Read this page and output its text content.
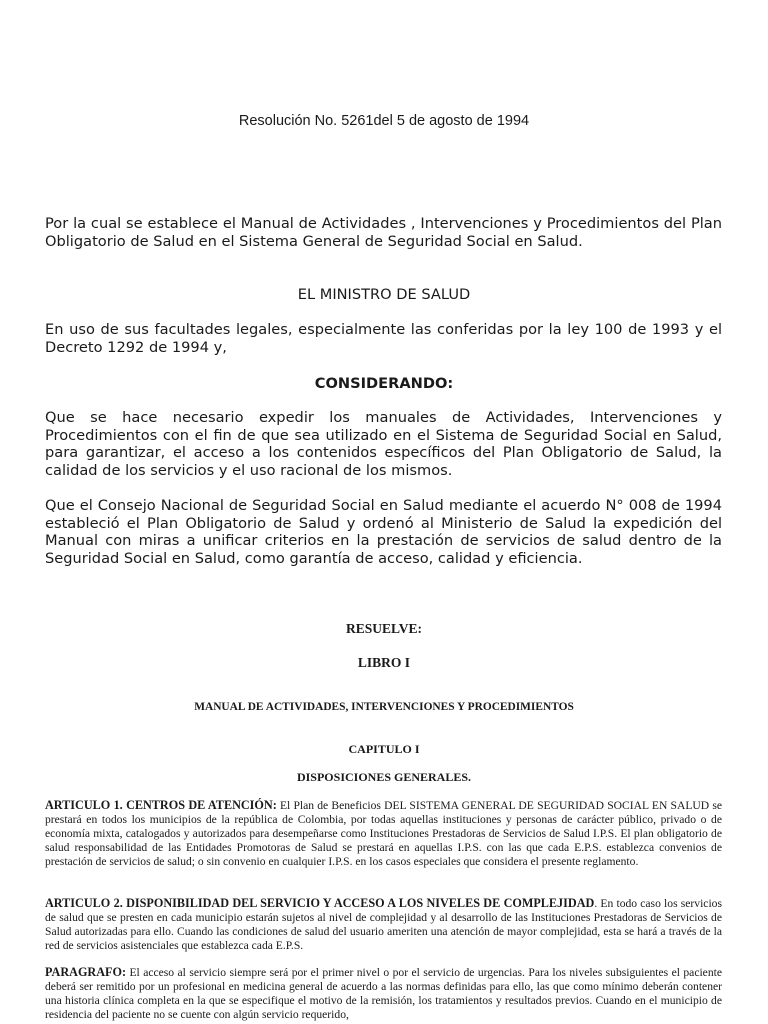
Resolución No. 5261del 5 de agosto de 1994
Por la cual se establece el Manual de Actividades , Intervenciones y Procedimientos del Plan Obligatorio de Salud en el Sistema General de Seguridad Social en Salud.
EL MINISTRO DE SALUD
En uso de sus facultades legales, especialmente las conferidas por la ley 100 de 1993 y el Decreto 1292 de 1994 y,
CONSIDERANDO:
Que se hace necesario expedir los manuales de Actividades, Intervenciones y Procedimientos con el fin de que sea utilizado en el Sistema de Seguridad Social en Salud, para garantizar, el acceso a los contenidos específicos del Plan Obligatorio de Salud, la calidad de los servicios y el uso racional de los mismos.
Que el Consejo Nacional de Seguridad Social en Salud mediante el acuerdo N° 008 de 1994 estableció el Plan Obligatorio de Salud y ordenó al Ministerio de Salud la expedición del Manual con miras a unificar criterios en la prestación de servicios de salud dentro de la Seguridad Social en Salud, como garantía de acceso, calidad y eficiencia.
RESUELVE:
LIBRO I
MANUAL DE ACTIVIDADES, INTERVENCIONES Y PROCEDIMIENTOS
CAPITULO I
DISPOSICIONES GENERALES.
ARTICULO 1. CENTROS DE ATENCIÓN: El Plan de Beneficios DEL SISTEMA GENERAL DE SEGURIDAD SOCIAL EN SALUD se prestará en todos los municipios de la república de Colombia, por todas aquellas instituciones y personas de carácter público, privado o de economía mixta, catalogados y autorizados para desempeñarse como Instituciones Prestadoras de Servicios de Salud I.P.S. El plan obligatorio de salud responsabilidad de las Entidades Promotoras de Salud se prestará en aquellas I.P.S. con las que cada E.P.S. establezca convenios de prestación de servicios de salud; o sin convenio en cualquier I.P.S. en los casos especiales que considera el presente reglamento.
ARTICULO 2. DISPONIBILIDAD DEL SERVICIO Y ACCESO A LOS NIVELES DE COMPLEJIDAD. En todo caso los servicios de salud que se presten en cada municipio estarán sujetos al nivel de complejidad y al desarrollo de las Instituciones Prestadoras de Servicios de Salud autorizadas para ello. Cuando las condiciones de salud del usuario ameriten una atención de mayor complejidad, esta se hará a través de la red de servicios asistenciales que establezca cada E.P.S.
PARAGRAFO: El acceso al servicio siempre será por el primer nivel o por el servicio de urgencias. Para los niveles subsiguientes el paciente deberá ser remitido por un profesional en medicina general de acuerdo a las normas definidas para ello, las que como mínimo deberán contener una historia clínica completa en la que se especifique el motivo de la remisión, los tratamientos y resultados previos. Cuando en el municipio de residencia del paciente no se cuente con algún servicio requerido,
